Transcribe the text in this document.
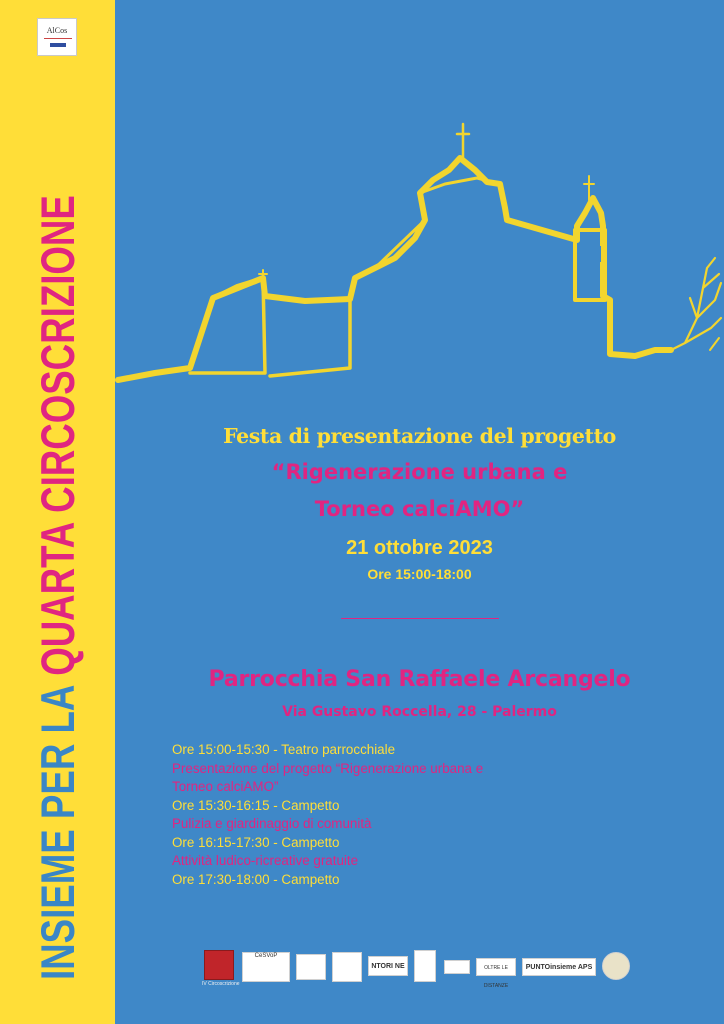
AlCos
INSIEME PER LA QUARTA CIRCOSCRIZIONE	Festa di presentazione del progetto
“Rigenerazione urbana e
Torneo calciAMO”
21 ottobre 2023
Ore 15:00-18:00
Parrocchia San Raffaele Arcangelo
Via Gustavo Roccella, 28 - Palermo
Ore 15:00-15:30 - Teatro parrocchiale
Presentazione del progetto “Rigenerazione urbana e
Torneo calciAMO”
Ore 15:30-16:15 - Campetto
Pulizia e giardinaggio di comunità
Ore 16:15-17:30 - Campetto
Attività ludico-ricreative gratuite
Ore 17:30-18:00 - Campetto
IV Circoscrizione
CeSVoP
NTORI NE	OLTRE LE DISTANZE
PUNTOinsieme APS
